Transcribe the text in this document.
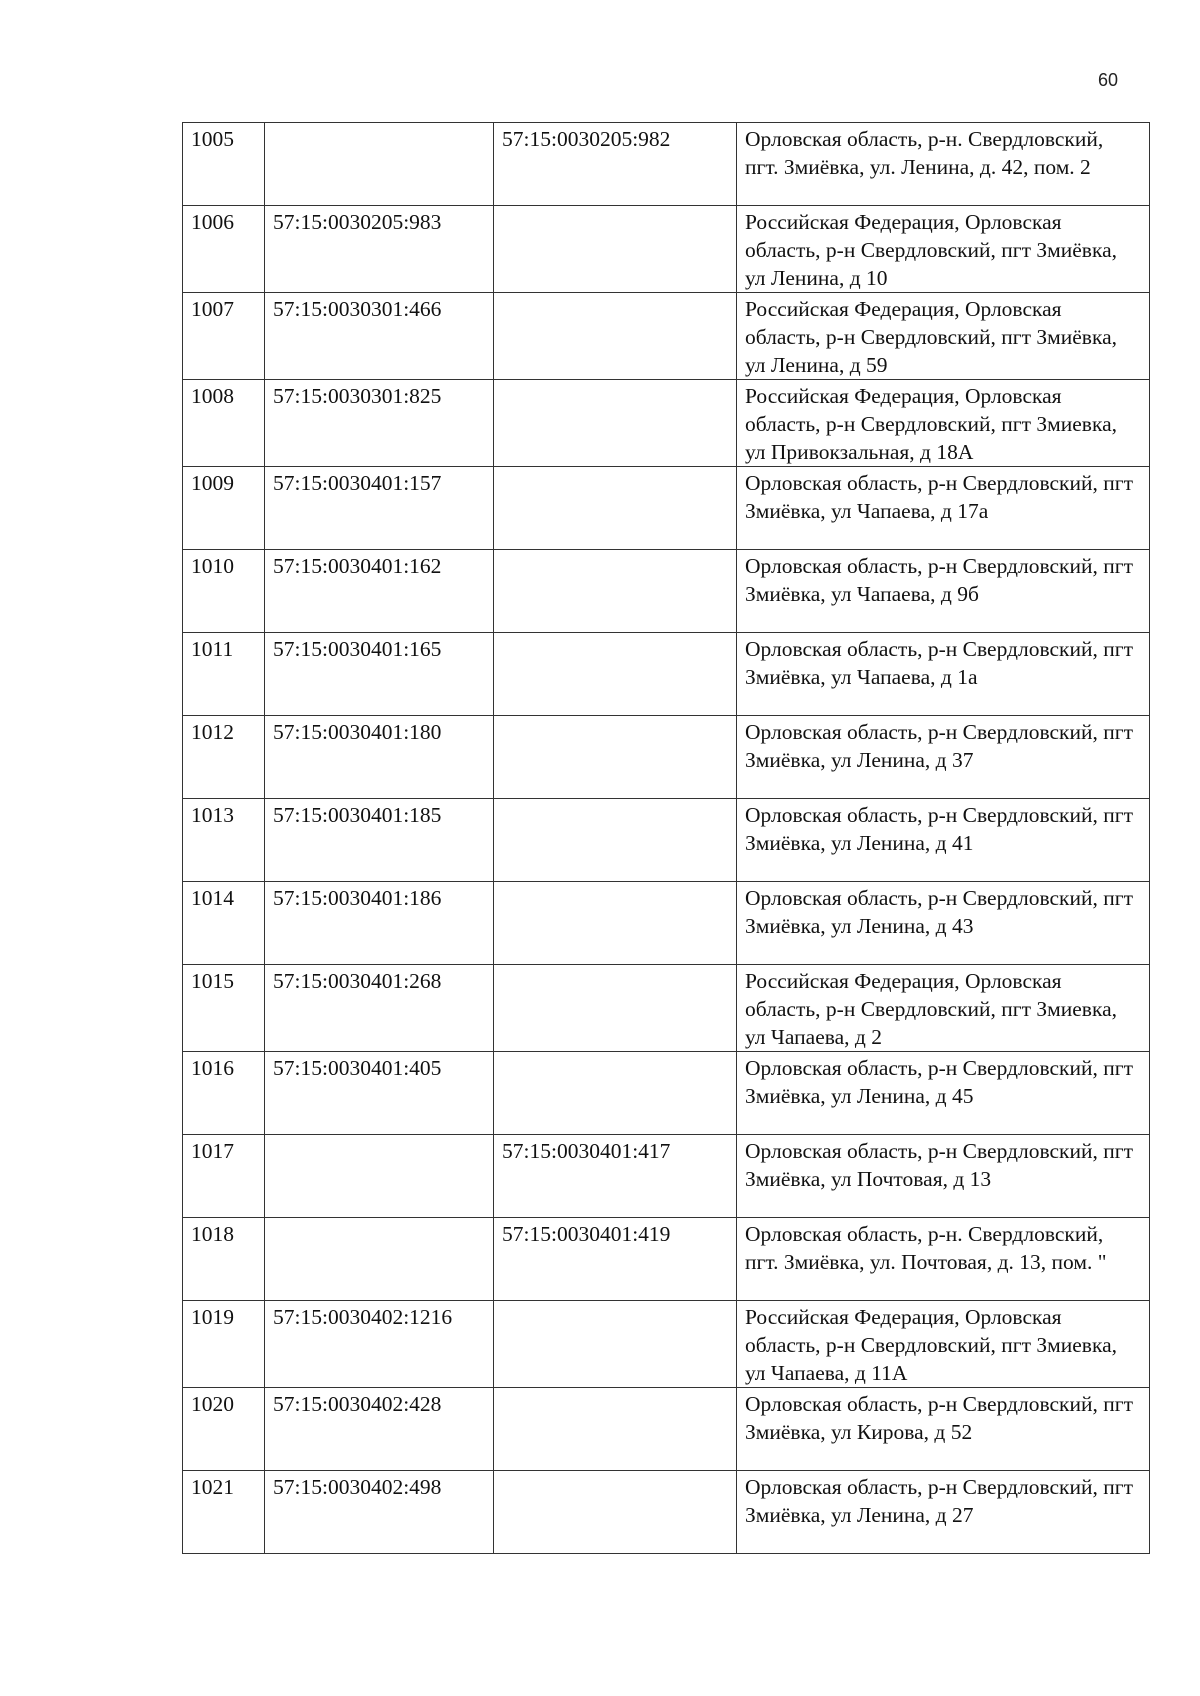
60
1005		57:15:0030205:982	Орловская область, р-н. Свердловский, пгт. Змиёвка, ул. Ленина, д. 42, пом. 2
1006	57:15:0030205:983		Российская Федерация, Орловская область, р-н Свердловский, пгт Змиёвка, ул Ленина, д 10
1007	57:15:0030301:466		Российская Федерация, Орловская область, р-н Свердловский, пгт Змиёвка, ул Ленина, д 59
1008	57:15:0030301:825		Российская Федерация, Орловская область, р-н Свердловский, пгт Змиевка, ул Привокзальная, д 18А
1009	57:15:0030401:157		Орловская область, р-н Свердловский, пгт Змиёвка, ул Чапаева, д 17а
1010	57:15:0030401:162		Орловская область, р-н Свердловский, пгт Змиёвка, ул Чапаева, д 9б
1011	57:15:0030401:165		Орловская область, р-н Свердловский, пгт Змиёвка, ул Чапаева, д 1а
1012	57:15:0030401:180		Орловская область, р-н Свердловский, пгт Змиёвка, ул Ленина, д 37
1013	57:15:0030401:185		Орловская область, р-н Свердловский, пгт Змиёвка, ул Ленина, д 41
1014	57:15:0030401:186		Орловская область, р-н Свердловский, пгт Змиёвка, ул Ленина, д 43
1015	57:15:0030401:268		Российская Федерация, Орловская область, р-н Свердловский, пгт Змиевка, ул Чапаева, д 2
1016	57:15:0030401:405		Орловская область, р-н Свердловский, пгт Змиёвка, ул Ленина, д 45
1017		57:15:0030401:417	Орловская область, р-н Свердловский, пгт Змиёвка, ул Почтовая, д 13
1018		57:15:0030401:419	Орловская область, р-н. Свердловский, пгт. Змиёвка, ул. Почтовая, д. 13, пом. "
1019	57:15:0030402:1216		Российская Федерация, Орловская область, р-н Свердловский, пгт Змиевка, ул Чапаева, д 11А
1020	57:15:0030402:428		Орловская область, р-н Свердловский, пгт Змиёвка, ул Кирова, д 52
1021	57:15:0030402:498		Орловская область, р-н Свердловский, пгт Змиёвка, ул Ленина, д 27
